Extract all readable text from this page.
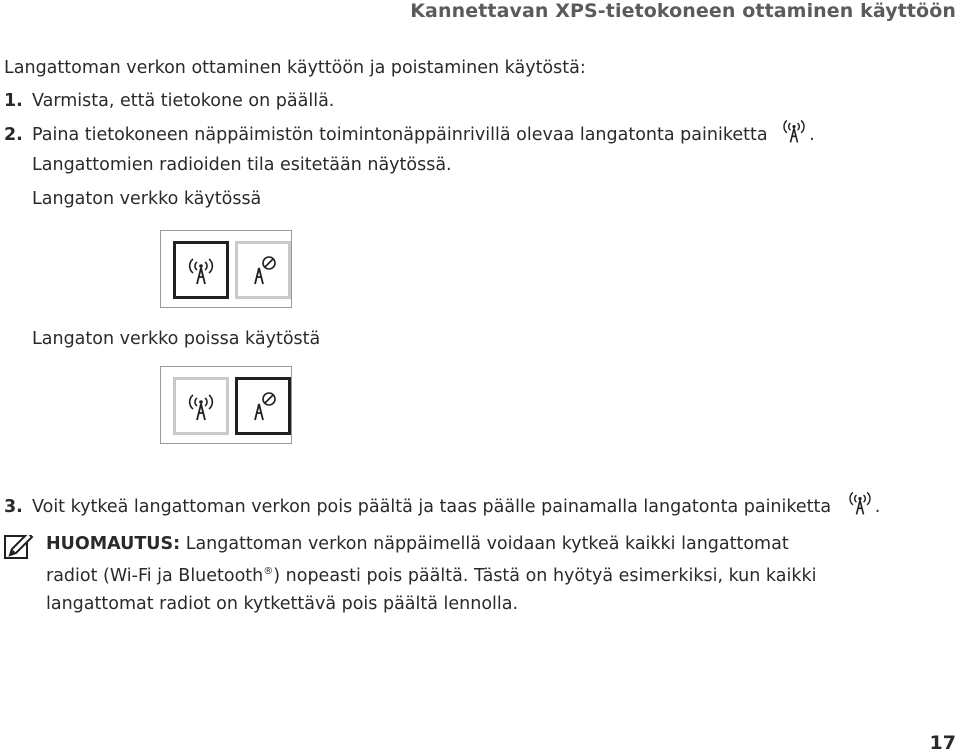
Kannettavan XPS-tietokoneen ottaminen käyttöön
Langattoman verkon ottaminen käyttöön ja poistaminen käytöstä:
1. Varmista, että tietokone on päällä.
2. Paina tietokoneen näppäimistön toimintonäppäinrivillä olevaa langatonta painiketta .
Langattomien radioiden tila esitetään näytössä.
Langaton verkko käytössä
Langaton verkko poissa käytöstä
3. Voit kytkeä langattoman verkon pois päältä ja taas päälle painamalla langatonta painiketta .
HUOMAUTUS: Langattoman verkon näppäimellä voidaan kytkeä kaikki langattomat
radiot (Wi-Fi ja Bluetooth®) nopeasti pois päältä. Tästä on hyötyä esimerkiksi, kun kaikki
langattomat radiot on kytkettävä pois päältä lennolla.
17
